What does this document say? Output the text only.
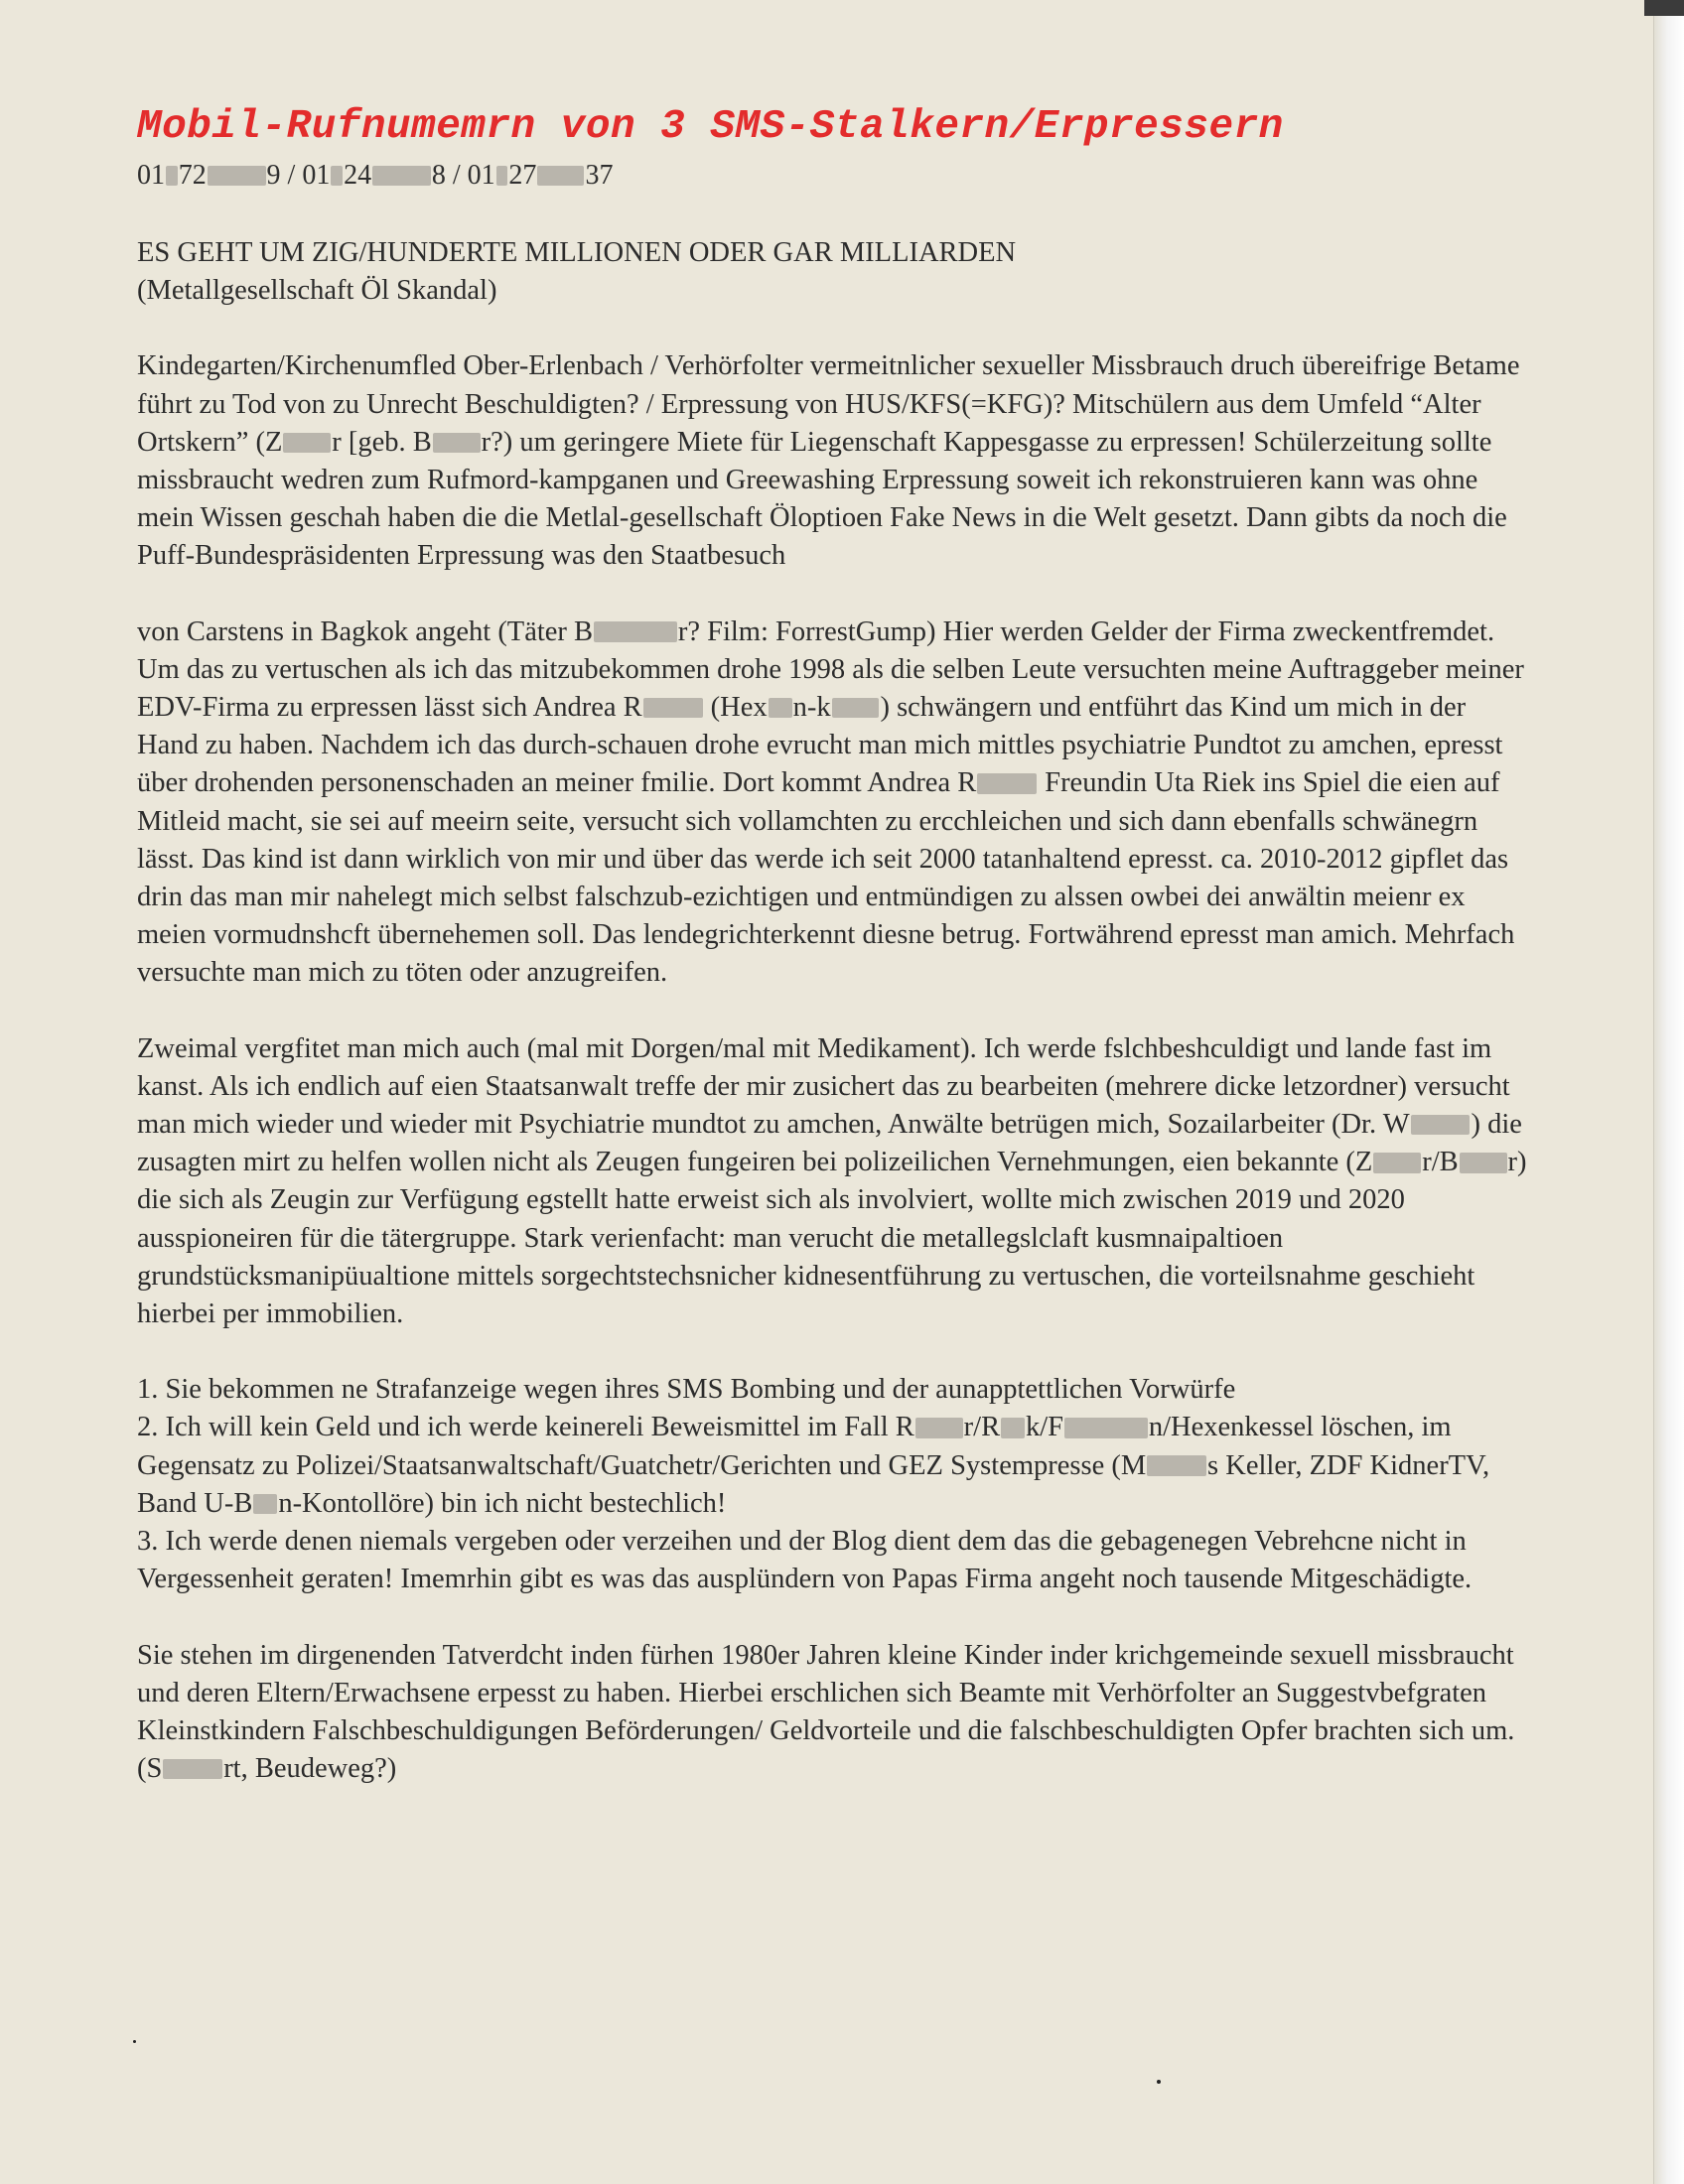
Mobil-Rufnumemrn von 3 SMS-Stalkern/Erpressern

01 72 9 / 01 24 8 / 01 27 37

ES GEHT UM ZIG/HUNDERTE MILLIONEN ODER GAR MILLIARDEN
(Metallgesellschaft Öl Skandal)

Kindegarten/Kirchenumfled Ober-Erlenbach / Verhörfolter vermeitnlicher sexueller Missbrauch druch übereifrige Betame führt zu Tod von zu Unrecht Beschuldigten? / Erpressung von HUS/KFS(=KFG)? Mitschülern aus dem Umfeld “Alter Ortskern” (Z r [geb. B r?) um geringere Miete für Liegenschaft Kappesgasse zu erpressen! Schülerzeitung sollte missbraucht wedren zum Rufmord-kampganen und Greewashing Erpressung soweit ich rekonstruieren kann was ohne mein Wissen geschah haben die die Metlal-gesellschaft Öloptioen Fake News in die Welt gesetzt. Dann gibts da noch die Puff-Bundespräsidenten Erpressung was den Staatbesuch

von Carstens in Bagkok angeht (Täter B	r? Film: ForrestGump) Hier werden Gelder der Firma zweckentfremdet. Um das zu vertuschen als ich das mitzubekommen drohe 1998 als die selben Leute versuchten meine Auftraggeber meiner EDV-Firma zu erpressen lässt sich Andrea R (Hex n-k ) schwängern und entführt das Kind um mich in der Hand zu haben. Nachdem ich das durch-schauen drohe evrucht man mich mittles psychiatrie Pundtot zu amchen, epresst über drohenden personenschaden an meiner fmilie. Dort kommt Andrea R Freundin Uta Riek ins Spiel die eien auf Mitleid macht, sie sei auf meeirn seite, versucht sich vollamchten zu ercchleichen und sich dann ebenfalls schwänegrn lässt. Das kind ist dann wirklich von mir und über das werde ich seit 2000 tatanhaltend epresst. ca. 2010-2012 gipflet das drin das man mir nahelegt mich selbst falschzub-ezichtigen und entmündigen zu alssen owbei dei anwältin meienr ex meien vormudnshcft übernehemen soll. Das lendegrichterkennt diesne betrug. Fortwährend epresst man amich. Mehrfach versuchte man mich zu töten oder anzugreifen.

Zweimal vergfitet man mich auch (mal mit Dorgen/mal mit Medikament). Ich werde fslchbeshculdigt und lande fast im kanst. Als ich endlich auf eien Staatsanwalt treffe der mir zusichert das zu bearbeiten (mehrere dicke letzordner) versucht man mich wieder und wieder mit Psychiatrie mundtot zu amchen, Anwälte betrügen mich, Sozailarbeiter (Dr. W ) die zusagten mirt zu helfen wollen nicht als Zeugen fungeiren bei polizeilichen Vernehmungen, eien bekannte (Z r/B r) die sich als Zeugin zur Verfügung egstellt hatte erweist sich als involviert, wollte mich zwischen 2019 und 2020 ausspioneiren für die tätergruppe. Stark verienfacht: man verucht die metallegslclaft kusmnaipaltioen grundstücksmanipüualtione mittels sorgechtstechsnicher kidnesentführung zu vertuschen, die vorteilsnahme geschieht hierbei per immobilien.

1. Sie bekommen ne Strafanzeige wegen ihres SMS Bombing und der aunapptettlichen Vorwürfe
2. Ich will kein Geld und ich werde keinereli Beweismittel im Fall R r/R k/F	n/Hexenkessel löschen, im Gegensatz zu Polizei/Staatsanwaltschaft/Guatchetr/Gerichten und GEZ Systempresse (M s Keller, ZDF KidnerTV, Band U-B n-Kontollöre) bin ich nicht bestechlich!
3. Ich werde denen niemals vergeben oder verzeihen und der Blog dient dem das die gebagenegen Vebrehcne nicht in Vergessenheit geraten! Imemrhin gibt es was das ausplündern von Papas Firma angeht noch tausende Mitgeschädigte.

Sie stehen im dirgenenden Tatverdcht inden fürhen 1980er Jahren kleine Kinder inder krichgemeinde sexuell missbraucht und deren Eltern/Erwachsene erpesst zu haben. Hierbei erschlichen sich Beamte mit Verhörfolter an Suggestvbefgraten Kleinstkindern Falschbeschuldigungen Beförderungen/ Geldvorteile und die falschbeschuldigten Opfer brachten sich um. (S rt, Beudeweg?)
